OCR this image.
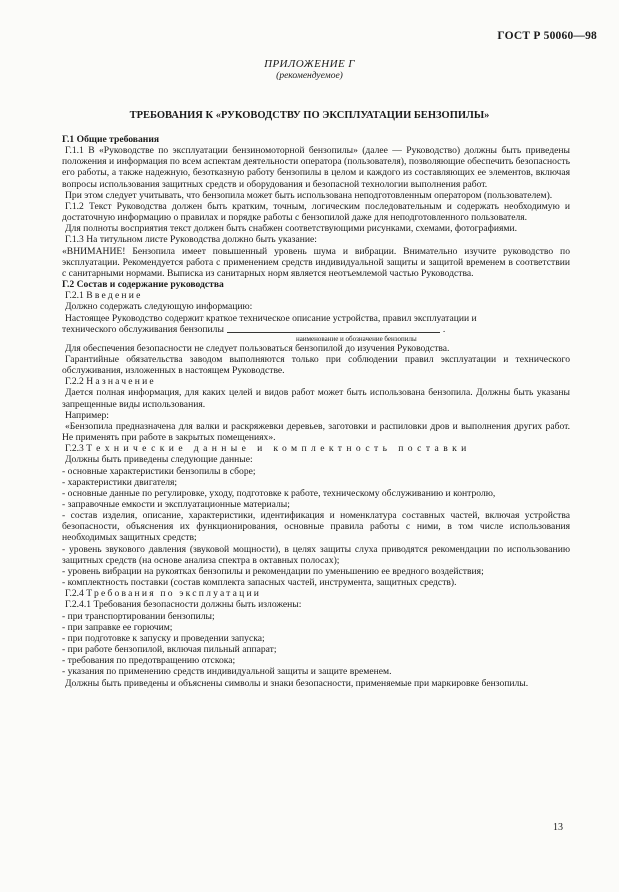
ГОСТ Р 50060—98
ПРИЛОЖЕНИЕ Г
(рекомендуемое)
ТРЕБОВАНИЯ К «РУКОВОДСТВУ ПО ЭКСПЛУАТАЦИИ БЕНЗОПИЛЫ»

Г.1 Общие требования

Г.1.1 В «Руководстве по эксплуатации бензиномоторной бензопилы» (далее — Руководство) должны быть приведены положения и информация по всем аспектам деятельности оператора (пользователя), позволяющие обеспечить безопасность его работы, а также надежную, безотказную работу бензопилы в целом и каждого из составляющих ее элементов, включая вопросы использования защитных средств и оборудования и безопасной технологии выполнения работ.

При этом следует учитывать, что бензопила может быть использована неподготовленным оператором (пользователем).

Г.1.2 Текст Руководства должен быть кратким, точным, логическим последовательным и содержать необходимую и достаточную информацию о правилах и порядке работы с бензопилой даже для неподготовленного пользователя.

Для полноты восприятия текст должен быть снабжен соответствующими рисунками, схемами, фотографиями.

Г.1.3 На титульном листе Руководства должно быть указание:

«ВНИМАНИЕ! Бензопила имеет повышенный уровень шума и вибрации. Внимательно изучите руководство по эксплуатации. Рекомендуется работа с применением средств индивидуальной защиты и защитой временем в соответствии с санитарными нормами. Выписка из санитарных норм является неотъемлемой частью Руководства.

Г.2 Состав и содержание руководства

Г.2.1 Введение

Должно содержать следующую информацию:

Настоящее Руководство содержит краткое техническое описание устройства, правил эксплуатации и

технического обслуживания бензопилы	.
наименование и обозначение бензопилы

Для обеспечения безопасности не следует пользоваться бензопилой до изучения Руководства.

Гарантийные обязательства заводом выполняются только при соблюдении правил эксплуатации и технического обслуживания, изложенных в настоящем Руководстве.

Г.2.2 Назначение

Дается полная информация, для каких целей и видов работ может быть использована бензопила. Должны быть указаны запрещенные виды использования.

Например:

«Бензопила предназначена для валки и раскряжевки деревьев, заготовки и распиловки дров и выполнения других работ. Не применять при работе в закрытых помещениях».

Г.2.3 Технические данные и комплектность поставки

Должны быть приведены следующие данные:

- основные характеристики бензопилы в сборе;

- характеристики двигателя;

- основные данные по регулировке, уходу, подготовке к работе, техническому обслуживанию и контролю,

- заправочные емкости и эксплуатационные материалы;

- состав изделия, описание, характеристики, идентификация и номенклатура составных частей, включая устройства безопасности, объяснения их функционирования, основные правила работы с ними, в том числе использования необходимых защитных средств;

- уровень звукового давления (звуковой мощности), в целях защиты слуха приводятся рекомендации по использованию защитных средств (на основе анализа спектра в октавных полосах);

- уровень вибрации на рукоятках бензопилы и рекомендации по уменьшению ее вредного воздействия;

- комплектность поставки (состав комплекта запасных частей, инструмента, защитных средств).

Г.2.4 Требования по эксплуатации

Г.2.4.1 Требования безопасности должны быть изложены:

- при транспортировании бензопилы;

- при заправке ее горючим;

- при подготовке к запуску и проведении запуска;

- при работе бензопилой, включая пильный аппарат;

- требования по предотвращению отскока;

- указания по применению средств индивидуальной защиты и защите временем.

Должны быть приведены и объяснены символы и знаки безопасности, применяемые при маркировке бензопилы.

13
